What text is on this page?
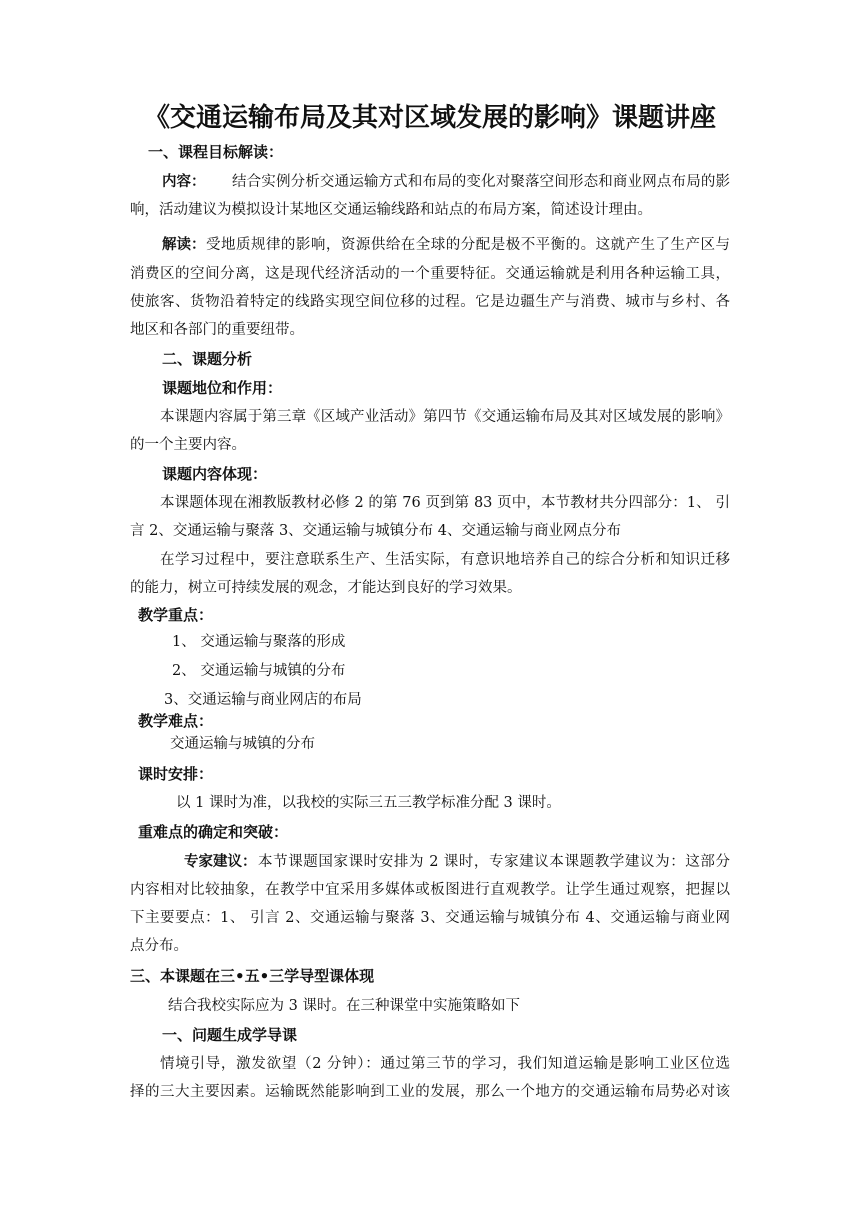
《交通运输布局及其对区域发展的影响》课题讲座
一、课程目标解读：
内容： 结合实例分析交通运输方式和布局的变化对聚落空间形态和商业网点布局的影
响，活动建议为模拟设计某地区交通运输线路和站点的布局方案，简述设计理由。
解读： 受地质规律的影响，资源供给在全球的分配是极不平衡的。这就产生了生产区与
消费区的空间分离，这是现代经济活动的一个重要特征。交通运输就是利用各种运输工具，
使旅客、货物沿着特定的线路实现空间位移的过程。它是边疆生产与消费、城市与乡村、各
地区和各部门的重要纽带。
二、课题分析
课题地位和作用：
本课题内容属于第三章《区域产业活动》第四节《交通运输布局及其对区域发展的影响》
的一个主要内容。
课题内容体现：
本课题体现在湘教版教材必修 2 的第 76 页到第 83 页中，本节教材共分四部分：1、 引
言 2、交通运输与聚落 3、交通运输与城镇分布 4、交通运输与商业网点分布
在学习过程中，要注意联系生产、生活实际，有意识地培养自己的综合分析和知识迁移
的能力，树立可持续发展的观念，才能达到良好的学习效果。
教学重点：
1、 交通运输与聚落的形成
2、 交通运输与城镇的分布
3、交通运输与商业网店的布局
教学难点：
交通运输与城镇的分布
课时安排：
以 1 课时为准，以我校的实际三五三教学标准分配 3 课时。
重难点的确定和突破：
专家建议： 本节课题国家课时安排为 2 课时，专家建议本课题教学建议为：这部分
内容相对比较抽象，在教学中宜采用多媒体或板图进行直观教学。让学生通过观察，把握以
下主要要点：1、 引言 2、交通运输与聚落 3、交通运输与城镇分布 4、交通运输与商业网
点分布。
三、本课题在三•五•三学导型课体现
结合我校实际应为 3 课时。在三种课堂中实施策略如下
一、问题生成学导课
情境引导，激发欲望（2 分钟）：通过第三节的学习，我们知道运输是影响工业区位选
择的三大主要因素。运输既然能影响到工业的发展，那么一个地方的交通运输布局势必对该
